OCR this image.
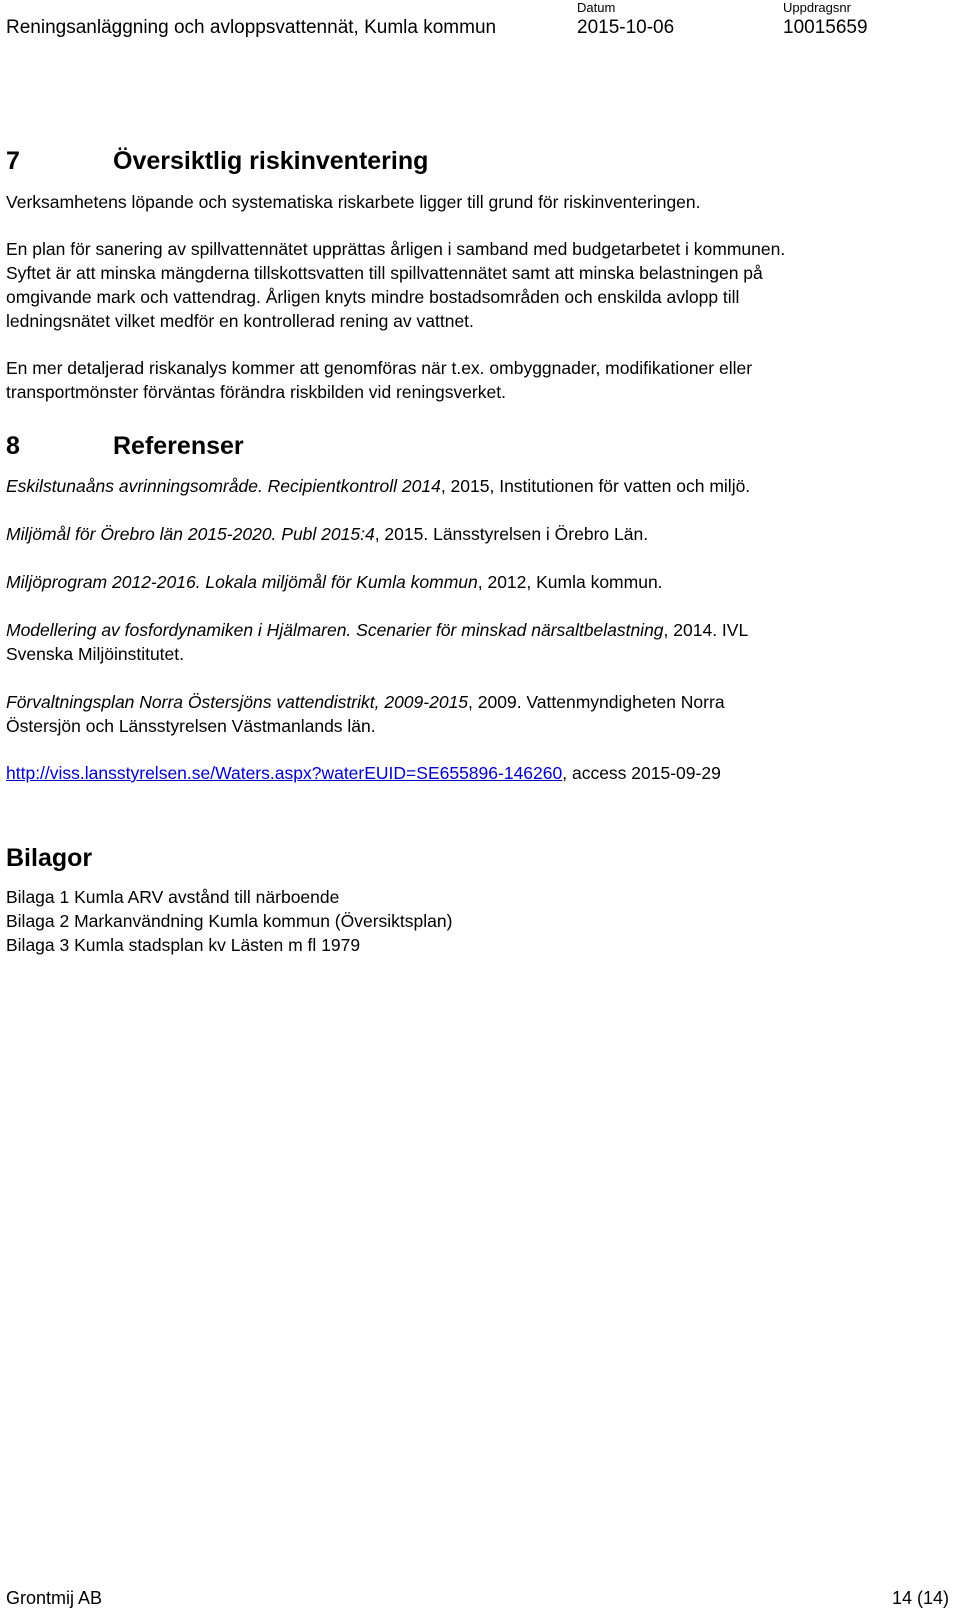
Reningsanläggning och avloppsvattennät, Kumla kommun
Datum
2015-10-06
Uppdragsnr
10015659
7	Översiktlig riskinventering
Verksamhetens löpande och systematiska riskarbete ligger till grund för riskinventeringen.
En plan för sanering av spillvattennätet upprättas årligen i samband med budgetarbetet i kommunen.
Syftet är att minska mängderna tillskottsvatten till spillvattennätet samt att minska belastningen på
omgivande mark och vattendrag. Årligen knyts mindre bostadsområden och enskilda avlopp till
ledningsnätet vilket medför en kontrollerad rening av vattnet.
En mer detaljerad riskanalys kommer att genomföras när t.ex. ombyggnader, modifikationer eller
transportmönster förväntas förändra riskbilden vid reningsverket.
8	Referenser
Eskilstunaåns avrinningsområde. Recipientkontroll 2014, 2015, Institutionen för vatten och miljö.
Miljömål för Örebro län 2015-2020. Publ 2015:4, 2015. Länsstyrelsen i Örebro Län.
Miljöprogram 2012-2016. Lokala miljömål för Kumla kommun, 2012, Kumla kommun.
Modellering av fosfordynamiken i Hjälmaren. Scenarier för minskad närsaltbelastning, 2014. IVL
Svenska Miljöinstitutet.
Förvaltningsplan Norra Östersjöns vattendistrikt, 2009-2015, 2009. Vattenmyndigheten Norra
Östersjön och Länsstyrelsen Västmanlands län.
http://viss.lansstyrelsen.se/Waters.aspx?waterEUID=SE655896-146260, access 2015-09-29
Bilagor
Bilaga 1 Kumla ARV avstånd till närboende
Bilaga 2 Markanvändning Kumla kommun (Översiktsplan)
Bilaga 3 Kumla stadsplan kv Lästen m fl 1979
Grontmij AB	14 (14)
